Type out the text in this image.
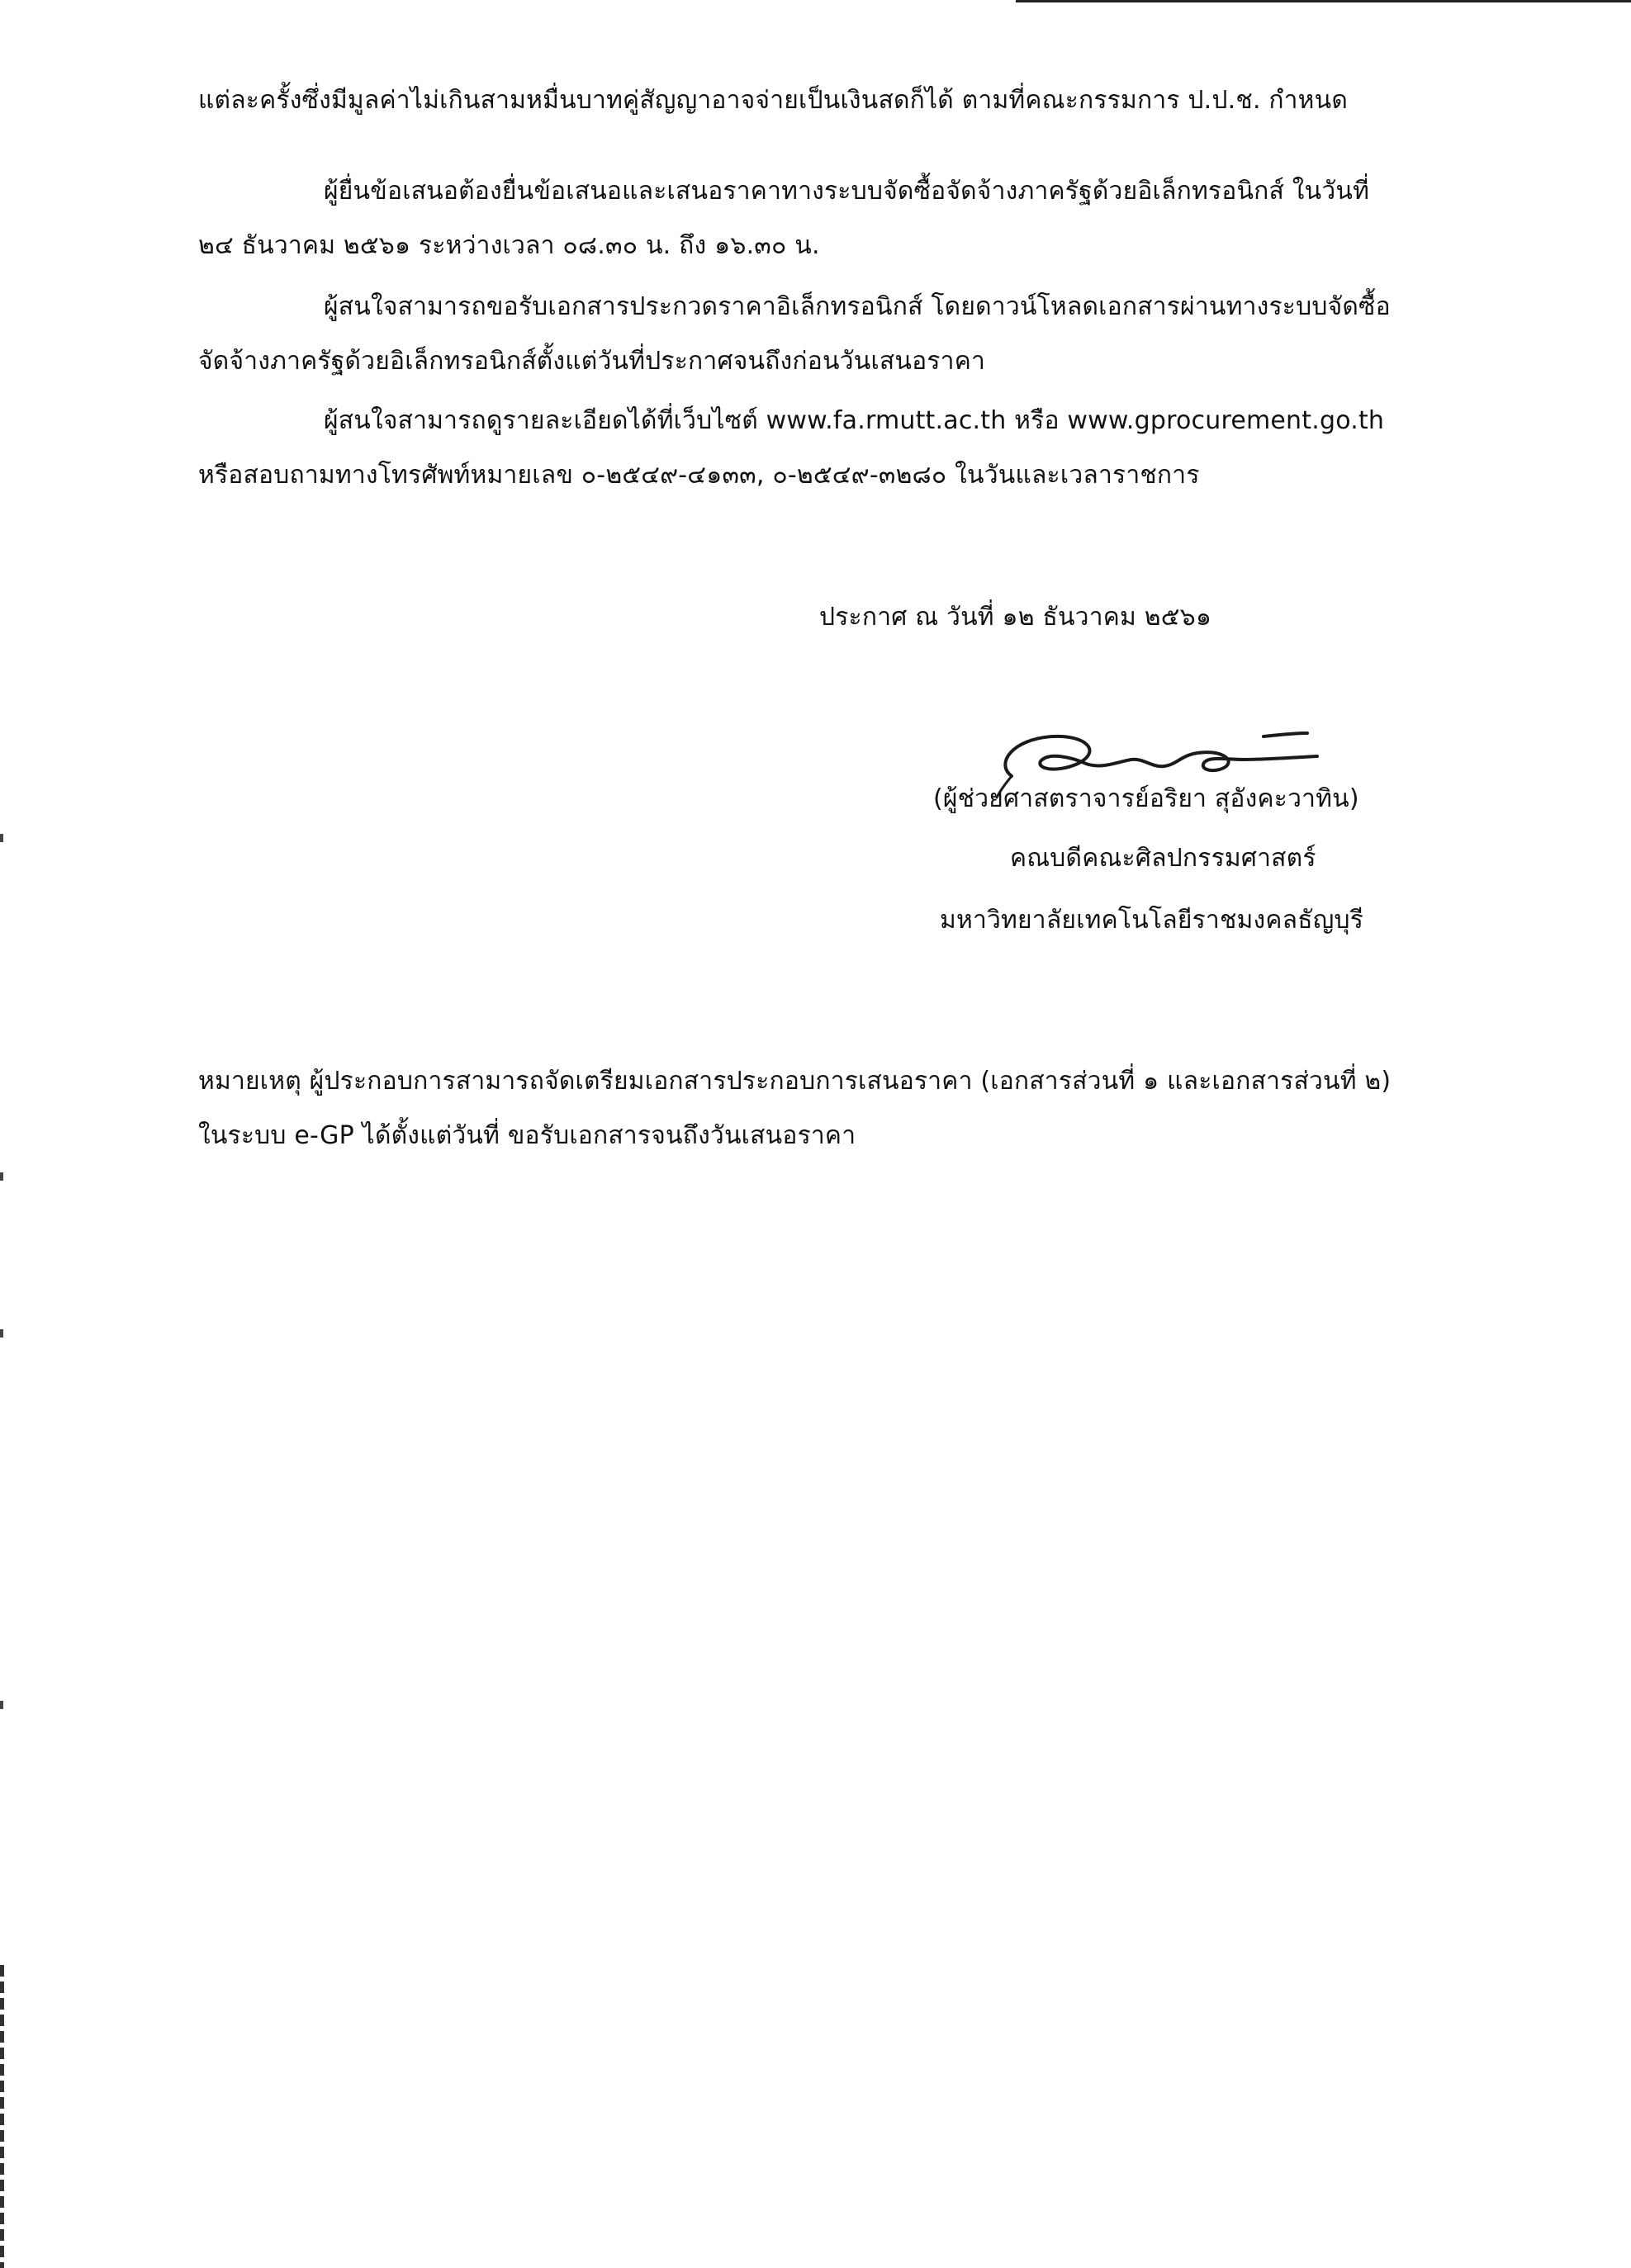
แต่ละครั้งซึ่งมีมูลค่าไม่เกินสามหมื่นบาทคู่สัญญาอาจจ่ายเป็นเงินสดก็ได้ ตามที่คณะกรรมการ ป.ป.ช. กำหนด
ผู้ยื่นข้อเสนอต้องยื่นข้อเสนอและเสนอราคาทางระบบจัดซื้อจัดจ้างภาครัฐด้วยอิเล็กทรอนิกส์ ในวันที่
๒๔ ธันวาคม ๒๕๖๑ ระหว่างเวลา ๐๘.๓๐ น. ถึง ๑๖.๓๐ น.
ผู้สนใจสามารถขอรับเอกสารประกวดราคาอิเล็กทรอนิกส์ โดยดาวน์โหลดเอกสารผ่านทางระบบจัดซื้อ
จัดจ้างภาครัฐด้วยอิเล็กทรอนิกส์ตั้งแต่วันที่ประกาศจนถึงก่อนวันเสนอราคา
ผู้สนใจสามารถดูรายละเอียดได้ที่เว็บไซต์ www.fa.rmutt.ac.th หรือ www.gprocurement.go.th
หรือสอบถามทางโทรศัพท์หมายเลข ๐-๒๕๔๙-๔๑๓๓, ๐-๒๕๔๙-๓๒๘๐ ในวันและเวลาราชการ
ประกาศ ณ วันที่ ๑๒ ธันวาคม ๒๕๖๑
(ผู้ช่วยศาสตราจารย์อริยา สุอังคะวาทิน)
คณบดีคณะศิลปกรรมศาสตร์
มหาวิทยาลัยเทคโนโลยีราชมงคลธัญบุรี
หมายเหตุ ผู้ประกอบการสามารถจัดเตรียมเอกสารประกอบการเสนอราคา (เอกสารส่วนที่ ๑ และเอกสารส่วนที่ ๒)
ในระบบ e-GP ได้ตั้งแต่วันที่ ขอรับเอกสารจนถึงวันเสนอราคา
